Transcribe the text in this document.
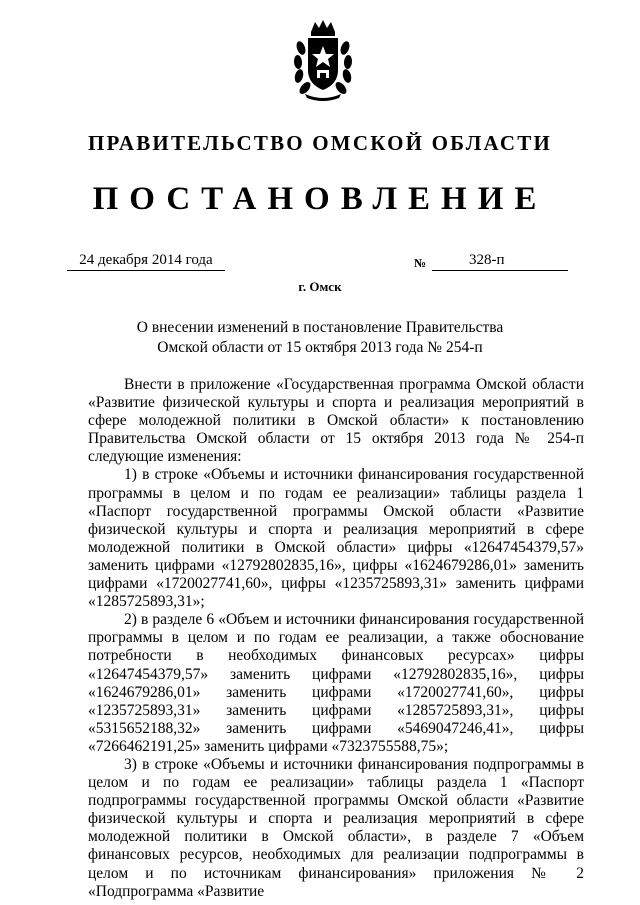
ПРАВИТЕЛЬСТВО ОМСКОЙ ОБЛАСТИ
ПОСТАНОВЛЕНИЕ
24 декабря 2014 года	№	328-п
г. Омск
О внесении изменений в постановление Правительства
Омской области от 15 октября 2013 года № 254-п

Внести в приложение «Государственная программа Омской области «Развитие физической культуры и спорта и реализация мероприятий в сфере молодежной политики в Омской области» к постановлению Правительства Омской области от 15 октября 2013 года № 254-п следующие изменения:

1) в строке «Объемы и источники финансирования государственной программы в целом и по годам ее реализации» таблицы раздела 1 «Паспорт государственной программы Омской области «Развитие физической культуры и спорта и реализация мероприятий в сфере молодежной политики в Омской области» цифры «12647454379,57» заменить цифрами «12792802835,16», цифры «1624679286,01» заменить цифрами «1720027741,60», цифры «1235725893,31» заменить цифрами «1285725893,31»;

2) в разделе 6 «Объем и источники финансирования государственной программы в целом и по годам ее реализации, а также обоснование потребности в необходимых финансовых ресурсах» цифры «12647454379,57» заменить цифрами «12792802835,16», цифры «1624679286,01» заменить цифрами «1720027741,60», цифры «1235725893,31» заменить цифрами «1285725893,31», цифры «5315652188,32» заменить цифрами «5469047246,41», цифры «7266462191,25» заменить цифрами «7323755588,75»;

3) в строке «Объемы и источники финансирования подпрограммы в целом и по годам ее реализации» таблицы раздела 1 «Паспорт подпрограммы государственной программы Омской области «Развитие физической культуры и спорта и реализация мероприятий в сфере молодежной политики в Омской области», в разделе 7 «Объем финансовых ресурсов, необходимых для реализации подпрограммы в целом и по источникам финансирования» приложения № 2 «Подпрограмма «Развитие
